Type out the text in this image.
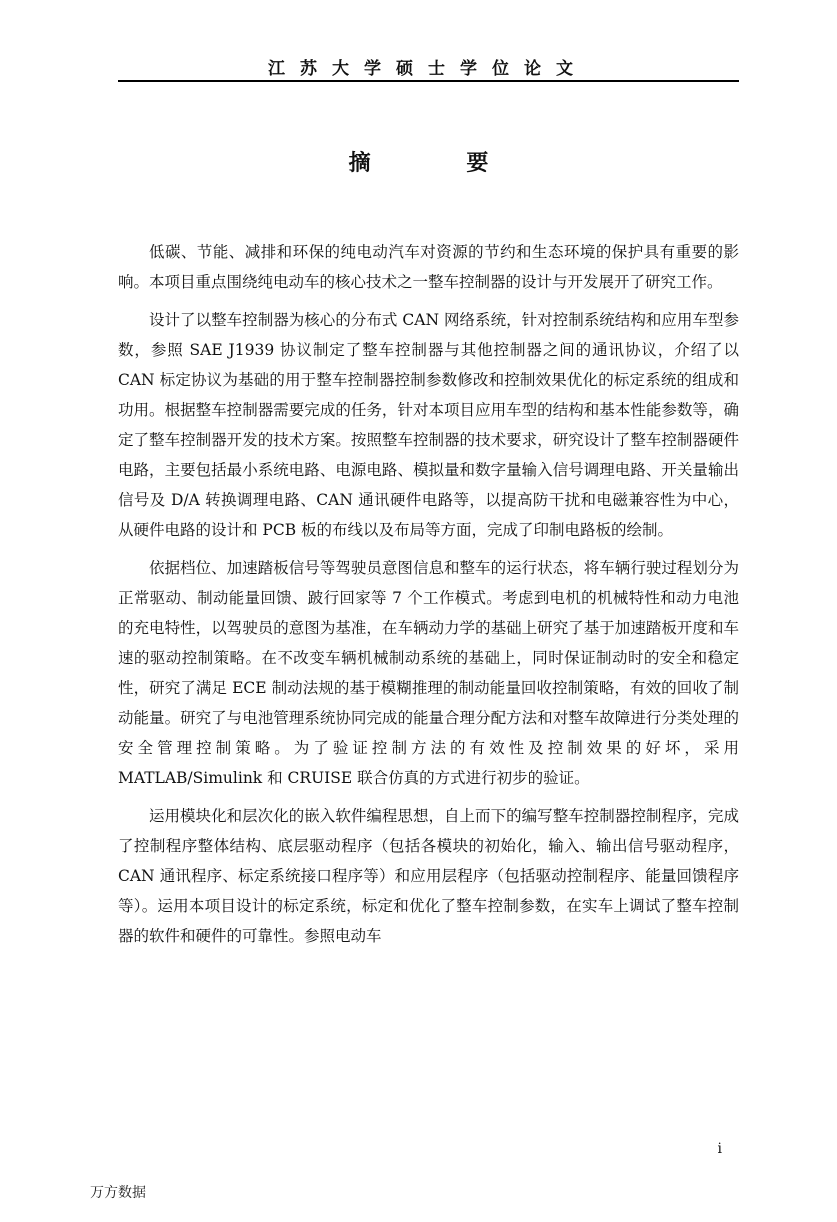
江苏大学硕士学位论文
摘 要

低碳、节能、减排和环保的纯电动汽车对资源的节约和生态环境的保护具有重要的影响。本项目重点围绕纯电动车的核心技术之一整车控制器的设计与开发展开了研究工作。

设计了以整车控制器为核心的分布式 CAN 网络系统，针对控制系统结构和应用车型参数，参照 SAE J1939 协议制定了整车控制器与其他控制器之间的通讯协议，介绍了以 CAN 标定协议为基础的用于整车控制器控制参数修改和控制效果优化的标定系统的组成和功用。根据整车控制器需要完成的任务，针对本项目应用车型的结构和基本性能参数等，确定了整车控制器开发的技术方案。按照整车控制器的技术要求，研究设计了整车控制器硬件电路，主要包括最小系统电路、电源电路、模拟量和数字量输入信号调理电路、开关量输出信号及 D/A 转换调理电路、CAN 通讯硬件电路等，以提高防干扰和电磁兼容性为中心，从硬件电路的设计和 PCB 板的布线以及布局等方面，完成了印制电路板的绘制。

依据档位、加速踏板信号等驾驶员意图信息和整车的运行状态，将车辆行驶过程划分为正常驱动、制动能量回馈、跛行回家等 7 个工作模式。考虑到电机的机械特性和动力电池的充电特性，以驾驶员的意图为基准，在车辆动力学的基础上研究了基于加速踏板开度和车速的驱动控制策略。在不改变车辆机械制动系统的基础上，同时保证制动时的安全和稳定性，研究了满足 ECE 制动法规的基于模糊推理的制动能量回收控制策略，有效的回收了制动能量。研究了与电池管理系统协同完成的能量合理分配方法和对整车故障进行分类处理的安全管理控制策略。为了验证控制方法的有效性及控制效果的好坏，采用 MATLAB/Simulink 和 CRUISE 联合仿真的方式进行初步的验证。

运用模块化和层次化的嵌入软件编程思想，自上而下的编写整车控制器控制程序，完成了控制程序整体结构、底层驱动程序（包括各模块的初始化，输入、输出信号驱动程序，CAN 通讯程序、标定系统接口程序等）和应用层程序（包括驱动控制程序、能量回馈程序等）。运用本项目设计的标定系统，标定和优化了整车控制参数，在实车上调试了整车控制器的软件和硬件的可靠性。参照电动车

i
万方数据
